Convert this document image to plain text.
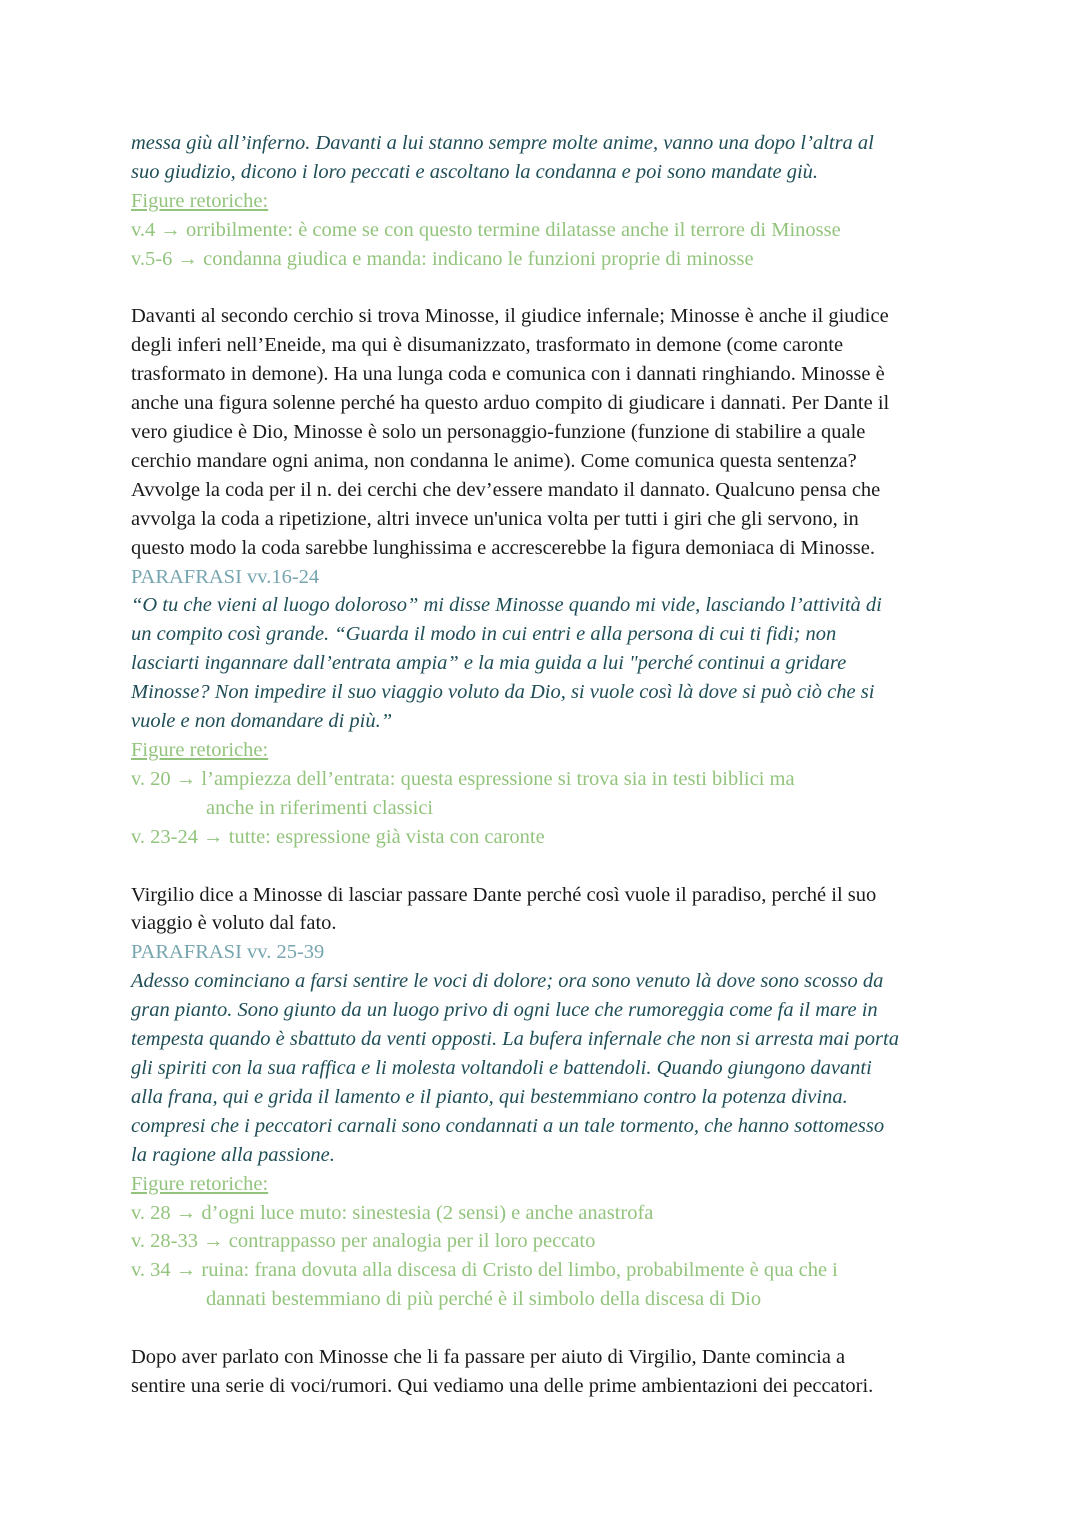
messa giù all’inferno. Davanti a lui stanno sempre molte anime, vanno una dopo l’altra al
suo giudizio, dicono i loro peccati e ascoltano la condanna e poi sono mandate giù.
Figure retoriche:
v.4 → orribilmente: è come se con questo termine dilatasse anche il terrore di Minosse
v.5-6 → condanna giudica e manda: indicano le funzioni proprie di minosse
Davanti al secondo cerchio si trova Minosse, il giudice infernale; Minosse è anche il giudice
degli inferi nell’Eneide, ma qui è disumanizzato, trasformato in demone (come caronte
trasformato in demone). Ha una lunga coda e comunica con i dannati ringhiando. Minosse è
anche una figura solenne perché ha questo arduo compito di giudicare i dannati. Per Dante il
vero giudice è Dio, Minosse è solo un personaggio-funzione (funzione di stabilire a quale
cerchio mandare ogni anima, non condanna le anime). Come comunica questa sentenza?
Avvolge la coda per il n. dei cerchi che dev’essere mandato il dannato. Qualcuno pensa che
avvolga la coda a ripetizione, altri invece un'unica volta per tutti i giri che gli servono, in
questo modo la coda sarebbe lunghissima e accrescerebbe la figura demoniaca di Minosse.
PARAFRASI vv.16-24
“O tu che vieni al luogo doloroso” mi disse Minosse quando mi vide, lasciando l’attività di
un compito così grande. “Guarda il modo in cui entri e alla persona di cui ti fidi; non
lasciarti ingannare dall’entrata ampia” e la mia guida a lui "perché continui a gridare
Minosse? Non impedire il suo viaggio voluto da Dio, si vuole così là dove si può ciò che si
vuole e non domandare di più.”
Figure retoriche:
v. 20 → l’ampiezza dell’entrata: questa espressione si trova sia in testi biblici ma
anche in riferimenti classici
v. 23-24 → tutte: espressione già vista con caronte
Virgilio dice a Minosse di lasciar passare Dante perché così vuole il paradiso, perché il suo
viaggio è voluto dal fato.
PARAFRASI vv. 25-39
Adesso cominciano a farsi sentire le voci di dolore; ora sono venuto là dove sono scosso da
gran pianto. Sono giunto da un luogo privo di ogni luce che rumoreggia come fa il mare in
tempesta quando è sbattuto da venti opposti. La bufera infernale che non si arresta mai porta
gli spiriti con la sua raffica e li molesta voltandoli e battendoli. Quando giungono davanti
alla frana, qui e grida il lamento e il pianto, qui bestemmiano contro la potenza divina.
compresi che i peccatori carnali sono condannati a un tale tormento, che hanno sottomesso
la ragione alla passione.
Figure retoriche:
v. 28 → d’ogni luce muto: sinestesia (2 sensi) e anche anastrofa
v. 28-33 → contrappasso per analogia per il loro peccato
v. 34 → ruina: frana dovuta alla discesa di Cristo del limbo, probabilmente è qua che i
dannati bestemmiano di più perché è il simbolo della discesa di Dio
Dopo aver parlato con Minosse che li fa passare per aiuto di Virgilio, Dante comincia a
sentire una serie di voci/rumori. Qui vediamo una delle prime ambientazioni dei peccatori.
